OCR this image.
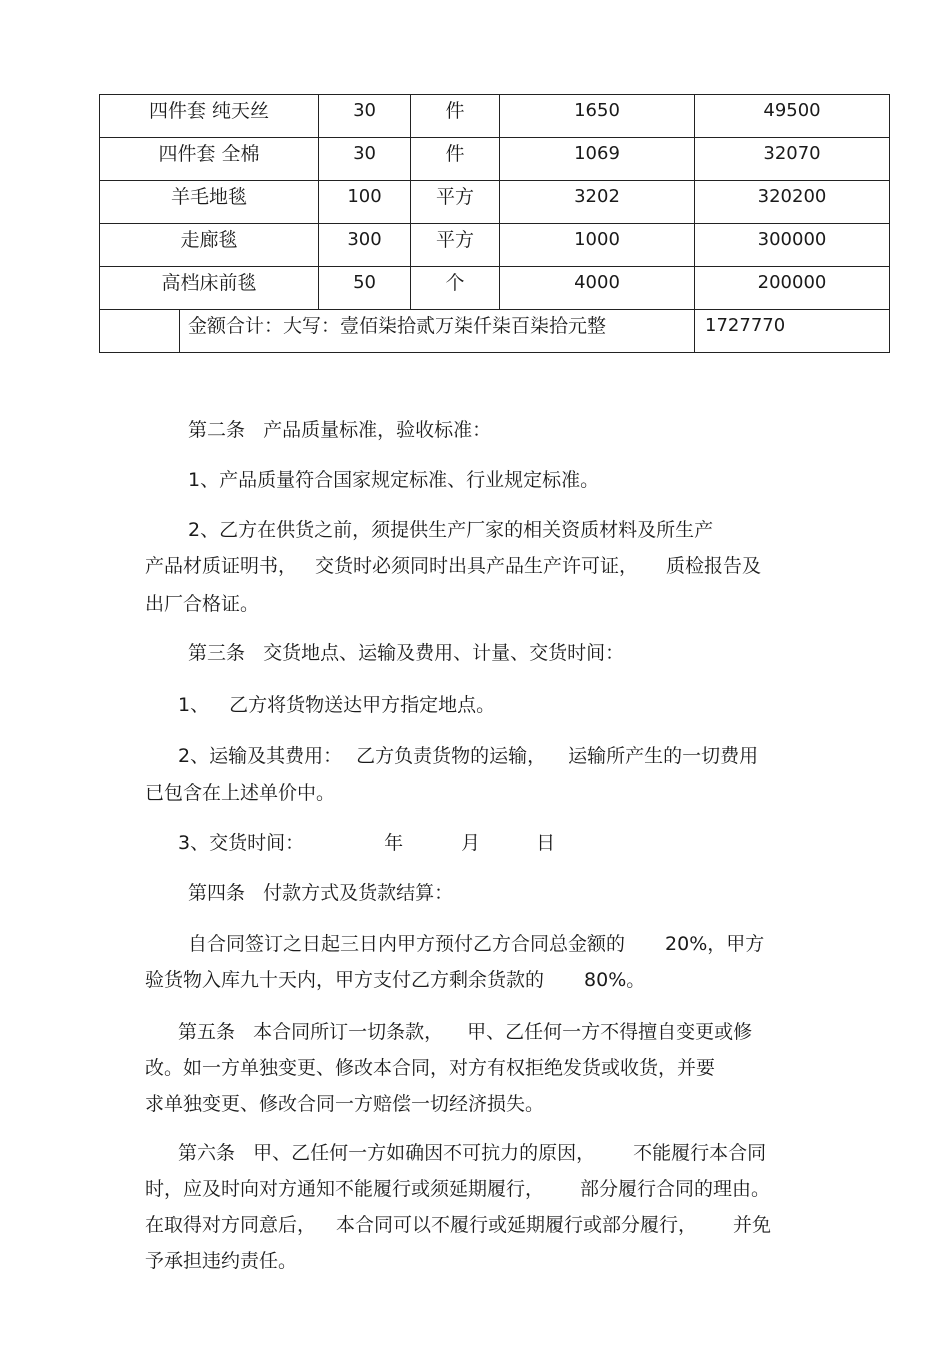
四件套 纯天丝		30	件	1650	49500
四件套 全棉		30	件	1069	32070
羊毛地毯		100	平方	3202	320200
走廊毯		300	平方	1000	300000
高档床前毯		50	个	4000	200000
	金额合计：大写：壹佰柒拾贰万柒仟柒百柒拾元整				1727770

第二条   产品质量标准，验收标准：

1、产品质量符合国家规定标准、行业规定标准。

2、乙方在供货之前，须提供生产厂家的相关资质材料及所生产

产品材质证明书， 交货时必须同时出具产品生产许可证， 质检报告及

出厂合格证。

第三条   交货地点、运输及费用、计量、交货时间：

1、 乙方将货物送达甲方指定地点。

2、运输及其费用： 乙方负责货物的运输， 运输所产生的一切费用

已包含在上述单价中。

3、交货时间：	年	月	日

第四条   付款方式及货款结算：

自合同签订之日起三日内甲方预付乙方合同总金额的 20%，甲方

验货物入库九十天内，甲方支付乙方剩余货款的 80%。

第五条   本合同所订一切条款， 甲、乙任何一方不得擅自变更或修

改。如一方单独变更、修改本合同，对方有权拒绝发货或收货，并要

求单独变更、修改合同一方赔偿一切经济损失。

第六条   甲、乙任何一方如确因不可抗力的原因， 不能履行本合同

时，应及时向对方通知不能履行或须延期履行， 部分履行合同的理由。

在取得对方同意后， 本合同可以不履行或延期履行或部分履行， 并免

予承担违约责任。
